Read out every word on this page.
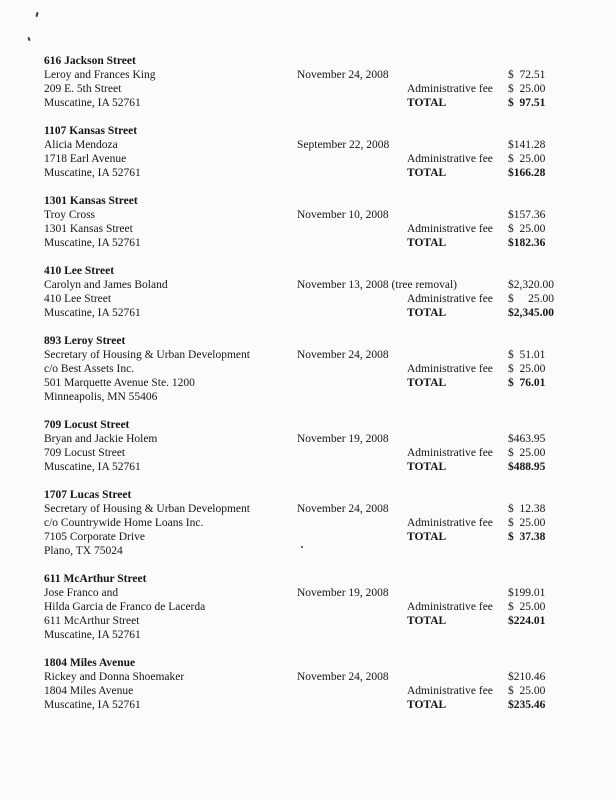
616 Jackson Street
Leroy and Frances King	November 24, 2008	$  72.51
209 E. 5th Street	Administrative fee	$  25.00
Muscatine, IA 52761	TOTAL	$  97.51
1107 Kansas Street
Alicia Mendoza	September 22, 2008	$141.28
1718 Earl Avenue	Administrative fee	$  25.00
Muscatine, IA 52761	TOTAL	$166.28
1301 Kansas Street
Troy Cross	November 10, 2008	$157.36
1301 Kansas Street	Administrative fee	$  25.00
Muscatine, IA 52761	TOTAL	$182.36
410 Lee Street
Carolyn and James Boland	November 13, 2008 (tree removal)	$2,320.00
410 Lee Street	Administrative fee	$     25.00
Muscatine, IA 52761	TOTAL	$2,345.00
893 Leroy Street
Secretary of Housing & Urban Development	November 24, 2008	$  51.01
c/o Best Assets Inc.	Administrative fee	$  25.00
501 Marquette Avenue Ste. 1200	TOTAL	$  76.01
Minneapolis, MN 55406
709 Locust Street
Bryan and Jackie Holem	November 19, 2008	$463.95
709 Locust Street	Administrative fee	$  25.00
Muscatine, IA 52761	TOTAL	$488.95
1707 Lucas Street
Secretary of Housing & Urban Development	November 24, 2008	$  12.38
c/o Countrywide Home Loans Inc.	Administrative fee	$  25.00
7105 Corporate Drive	TOTAL	$  37.38
Plano, TX 75024
611 McArthur Street
Jose Franco and	November 19, 2008	$199.01
Hilda Garcia de Franco de Lacerda	Administrative fee	$  25.00
611 McArthur Street	TOTAL	$224.01
Muscatine, IA 52761
1804 Miles Avenue
Rickey and Donna Shoemaker	November 24, 2008	$210.46
1804 Miles Avenue	Administrative fee	$  25.00
Muscatine, IA 52761	TOTAL	$235.46
